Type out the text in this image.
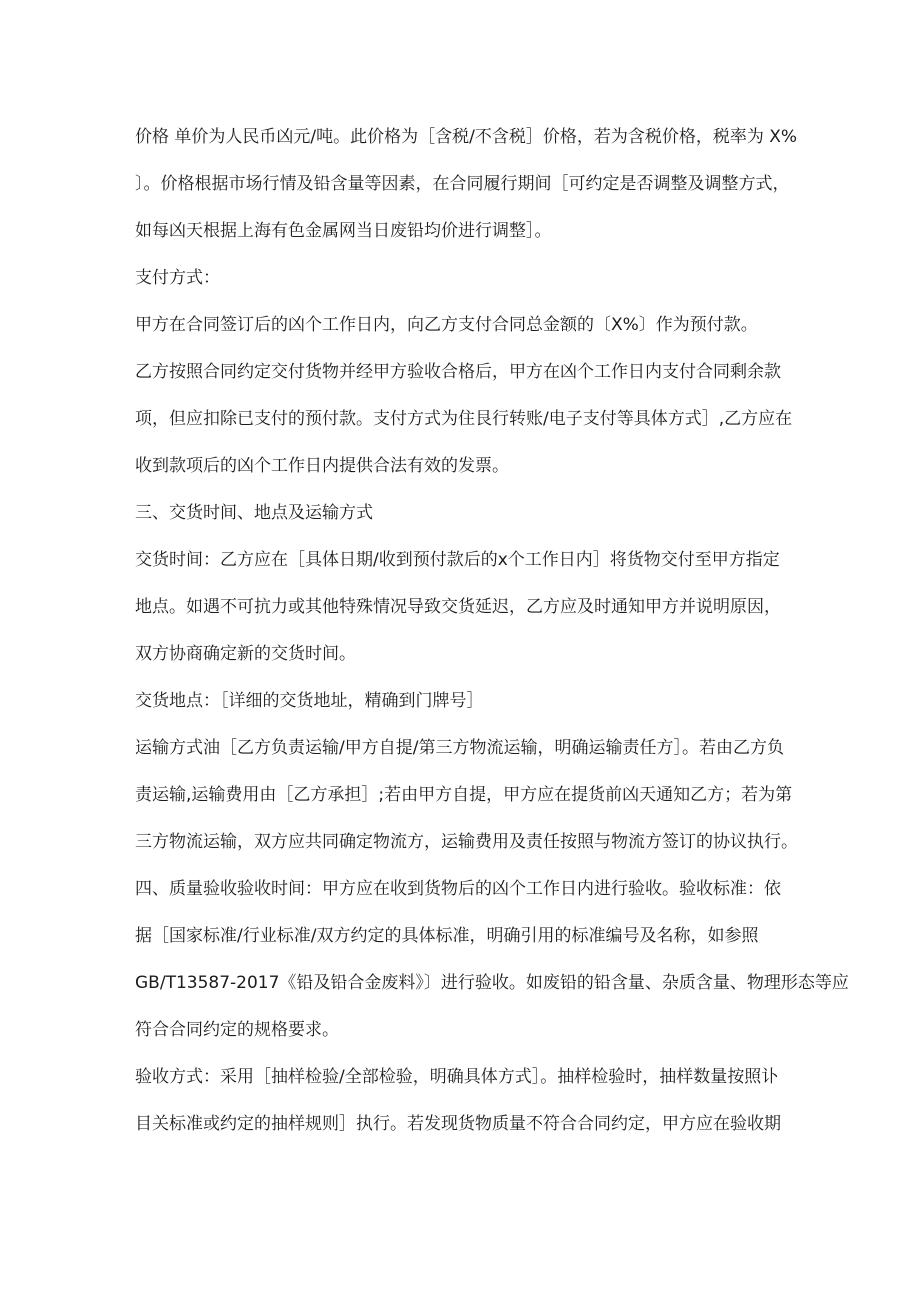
价格 单价为人民币凶元/吨。此价格为［含税/不含税］价格，若为含税价格，税率为 X%

〕。价格根据市场行情及铅含量等因素，在合同履行期间［可约定是否调整及调整方式，

如每凶天根据上海有色金属网当日废铅均价进行调整］。

支付方式：

甲方在合同签订后的凶个工作日内，向乙方支付合同总金额的〔X%〕作为预付款。

乙方按照合同约定交付货物并经甲方验收合格后，甲方在凶个工作日内支付合同剩余款

项，但应扣除已支付的预付款。支付方式为住艮行转账/电子支付等具体方式］,乙方应在

收到款项后的凶个工作日内提供合法有效的发票。

三、交货时间、地点及运输方式

交货时间：乙方应在［具体日期/收到预付款后的x个工作日内］将货物交付至甲方指定

地点。如遇不可抗力或其他特殊情况导致交货延迟，乙方应及时通知甲方并说明原因，

双方协商确定新的交货时间。

交货地点：［详细的交货地址，精确到门牌号］

运输方式油［乙方负责运输/甲方自提/第三方物流运输，明确运输责任方］。若由乙方负

责运输,运输费用由［乙方承担］;若由甲方自提，甲方应在提货前凶天通知乙方；若为第

三方物流运输，双方应共同确定物流方，运输费用及责任按照与物流方签订的协议执行。

四、质量验收验收时间：甲方应在收到货物后的凶个工作日内进行验收。验收标准：依

据［国家标准/行业标准/双方约定的具体标准，明确引用的标准编号及名称，如参照

GB/T13587-2017《铅及铅合金废料》〕进行验收。如废铅的铅含量、杂质含量、物理形态等应

符合合同约定的规格要求。

验收方式：采用［抽样检验/全部检验，明确具体方式］。抽样检验时，抽样数量按照讣

目关标准或约定的抽样规则］执行。若发现货物质量不符合合同约定，甲方应在验收期
